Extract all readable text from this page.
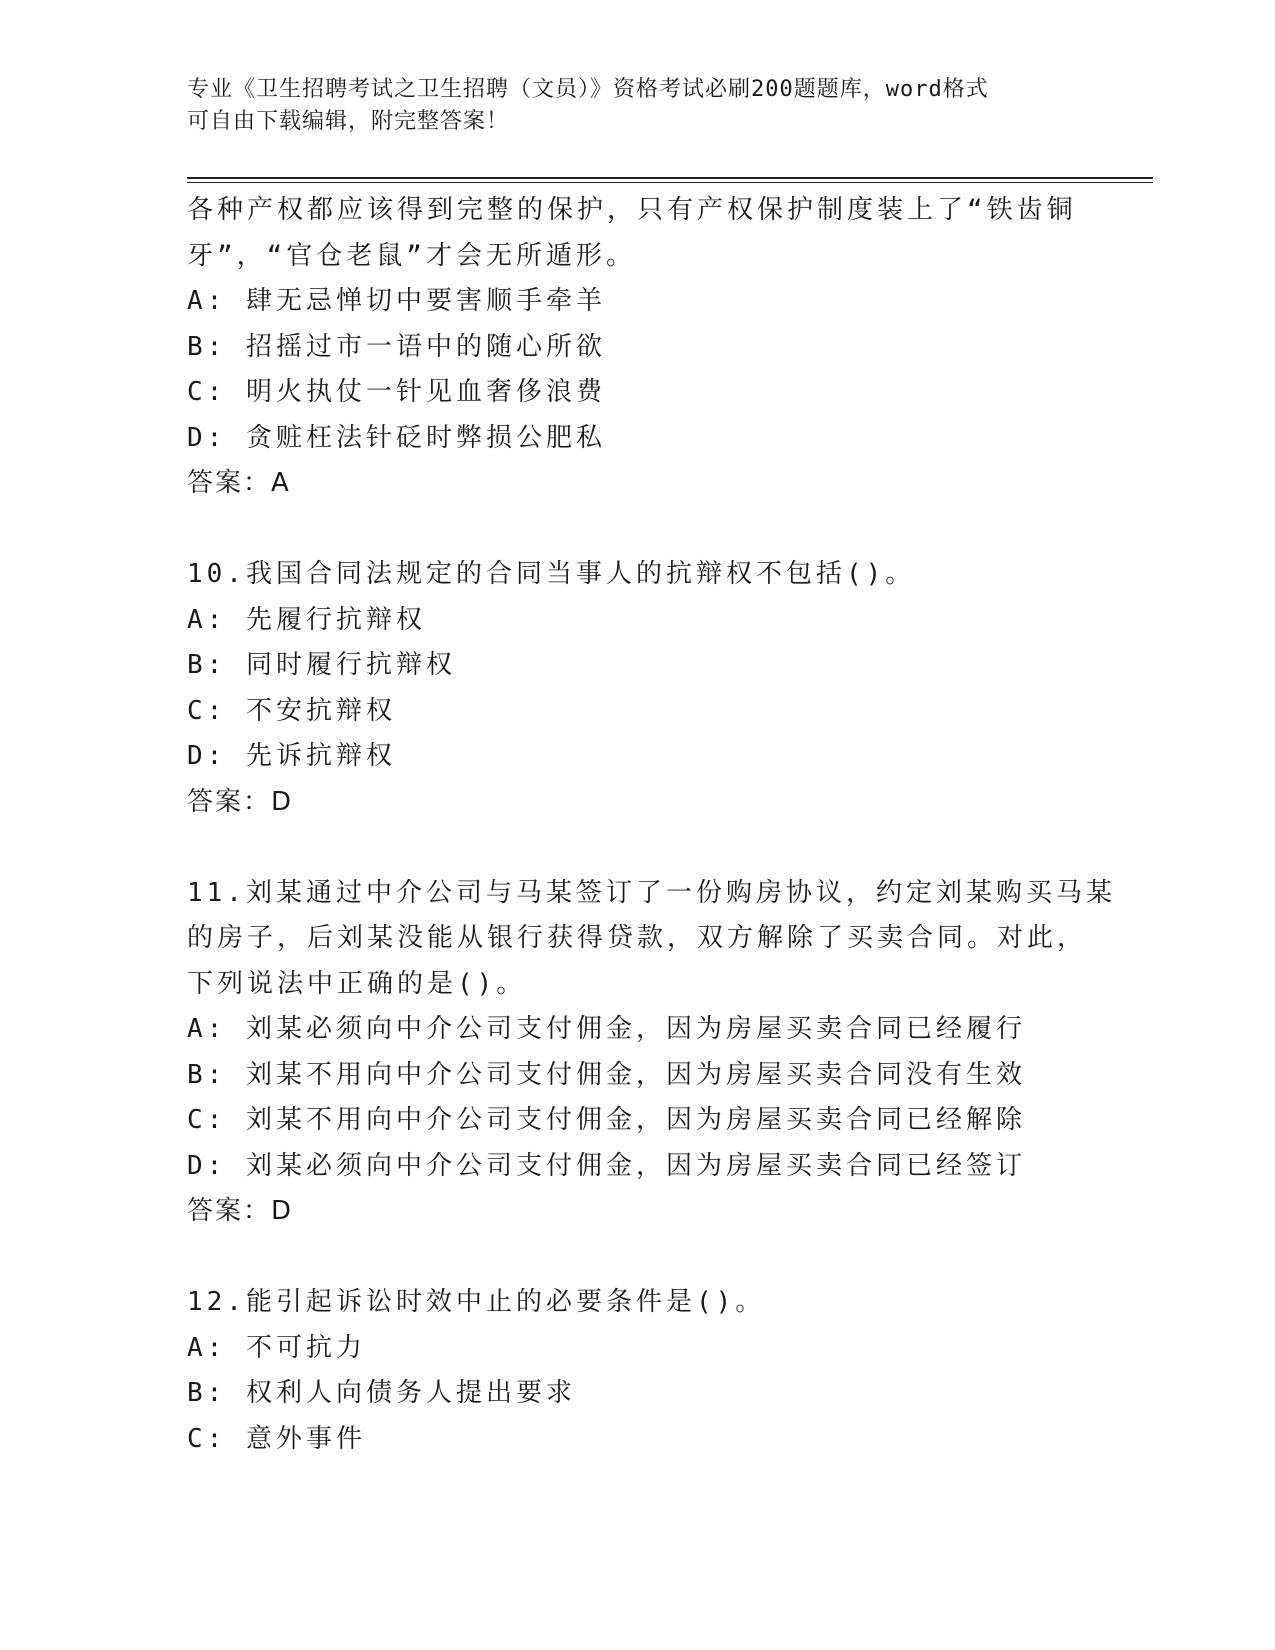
专业《卫生招聘考试之卫生招聘（文员）》资格考试必刷200题题库，word格式
可自由下载编辑，附完整答案！
各种产权都应该得到完整的保护，只有产权保护制度装上了“铁齿铜
牙”，“官仓老鼠”才会无所遁形。
A: 肆无忌惮切中要害顺手牵羊
B: 招摇过市一语中的随心所欲
C: 明火执仗一针见血奢侈浪费
D: 贪赃枉法针砭时弊损公肥私
答案：A
10.我国合同法规定的合同当事人的抗辩权不包括()。
A: 先履行抗辩权
B: 同时履行抗辩权
C: 不安抗辩权
D: 先诉抗辩权
答案：D
11.刘某通过中介公司与马某签订了一份购房协议，约定刘某购买马某
的房子，后刘某没能从银行获得贷款，双方解除了买卖合同。对此，
下列说法中正确的是()。
A: 刘某必须向中介公司支付佣金，因为房屋买卖合同已经履行
B: 刘某不用向中介公司支付佣金，因为房屋买卖合同没有生效
C: 刘某不用向中介公司支付佣金，因为房屋买卖合同已经解除
D: 刘某必须向中介公司支付佣金，因为房屋买卖合同已经签订
答案：D
12.能引起诉讼时效中止的必要条件是()。
A: 不可抗力
B: 权利人向债务人提出要求
C: 意外事件
